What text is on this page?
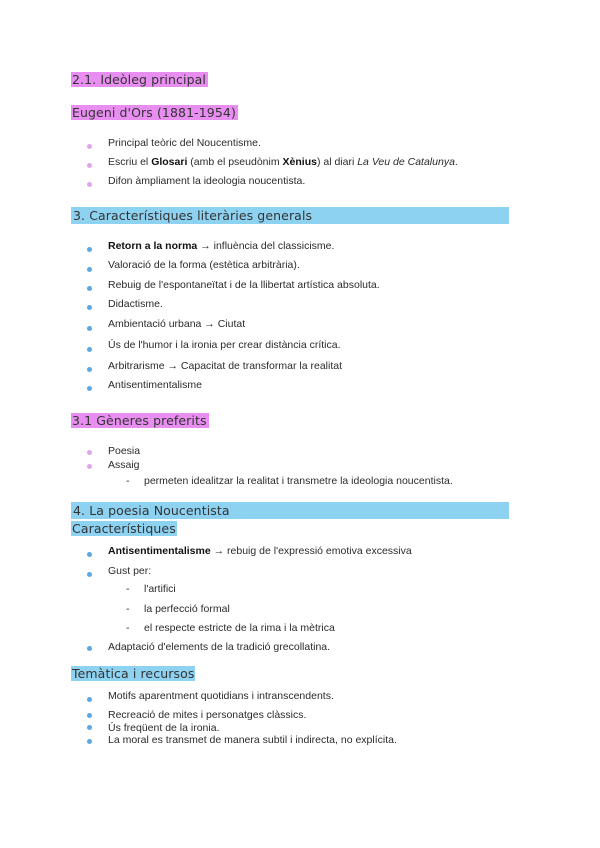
2.1. Ideòleg principal
Eugeni d'Ors (1881-1954)
Principal teòric del Noucentisme.
Escriu el Glosari (amb el pseudònim Xènius) al diari La Veu de Catalunya.
Difon àmpliament la ideologia noucentista.
3. Característiques literàries generals
Retorn a la norma → influència del classicisme.
Valoració de la forma (estètica arbitrària).
Rebuig de l'espontaneïtat i de la llibertat artística absoluta.
Didactisme.
Ambientació urbana → Ciutat
Ús de l'humor i la ironia per crear distància crítica.
Arbitrarisme → Capacitat de transformar la realitat
Antisentimentalisme
3.1 Gèneres preferits
Poesia
Assaig
- permeten idealitzar la realitat i transmetre la ideologia noucentista.
4. La poesia Noucentista
Característiques
Antisentimentalisme → rebuig de l'expressió emotiva excessiva
Gust per:
- l'artifici
- la perfecció formal
- el respecte estricte de la rima i la mètrica
Adaptació d'elements de la tradició grecollatina.
Temàtica i recursos
Motifs aparentment quotidians i intranscendents.
Recreació de mites i personatges clàssics.
Ús freqüent de la ironia.
La moral es transmet de manera subtil i indirecta, no explícita.
